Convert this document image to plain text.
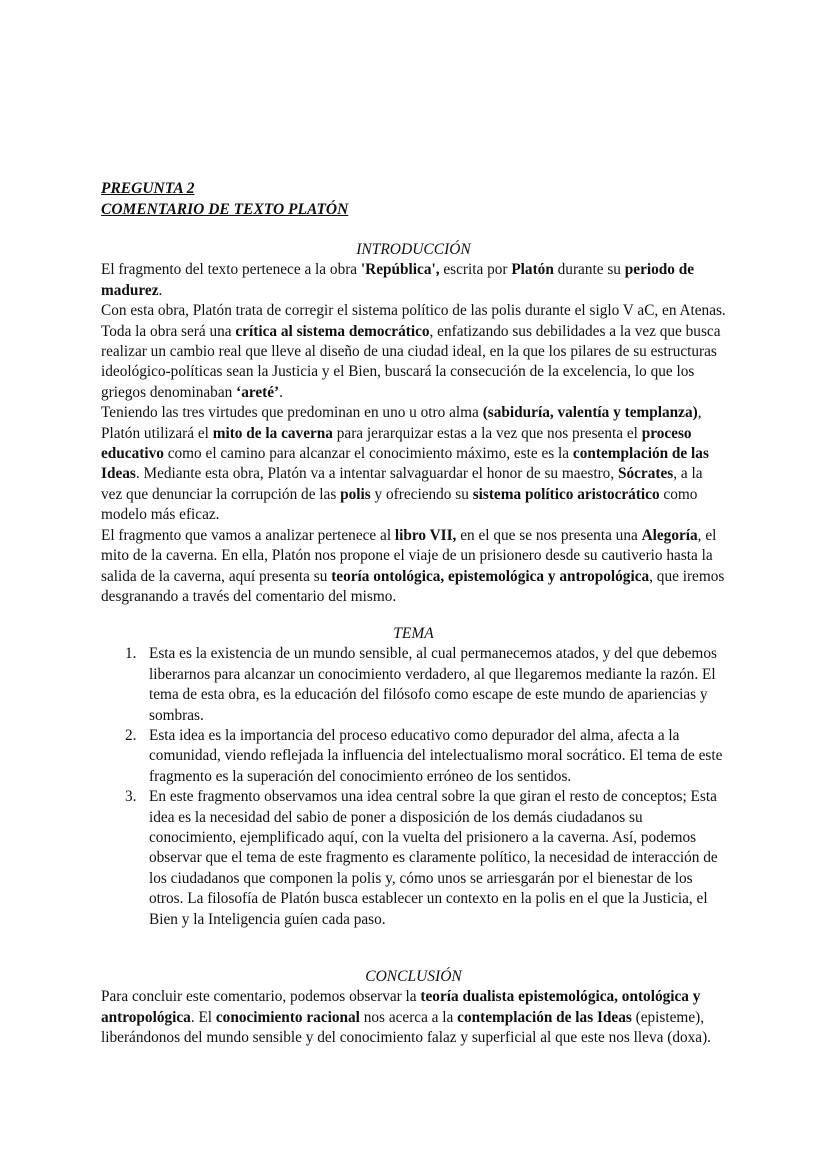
PREGUNTA 2
COMENTARIO DE TEXTO PLATÓN
INTRODUCCIÓN

El fragmento del texto pertenece a la obra 'República', escrita por Platón durante su periodo de madurez.

Con esta obra, Platón trata de corregir el sistema político de las polis durante el siglo V aC, en Atenas. Toda la obra será una crítica al sistema democrático, enfatizando sus debilidades a la vez que busca realizar un cambio real que lleve al diseño de una ciudad ideal, en la que los pilares de su estructuras ideológico-políticas sean la Justicia y el Bien, buscará la consecución de la excelencia, lo que los griegos denominaban ‘areté’.

Teniendo las tres virtudes que predominan en uno u otro alma (sabiduría, valentía y templanza), Platón utilizará el mito de la caverna para jerarquizar estas a la vez que nos presenta el proceso educativo como el camino para alcanzar el conocimiento máximo, este es la contemplación de las Ideas. Mediante esta obra, Platón va a intentar salvaguardar el honor de su maestro, Sócrates, a la vez que denunciar la corrupción de las polis y ofreciendo su sistema político aristocrático como modelo más eficaz.

El fragmento que vamos a analizar pertenece al libro VII, en el que se nos presenta una Alegoría, el mito de la caverna. En ella, Platón nos propone el viaje de un prisionero desde su cautiverio hasta la salida de la caverna, aquí presenta su teoría ontológica, epistemológica y antropológica, que iremos desgranando a través del comentario del mismo.

TEMA
1. Esta es la existencia de un mundo sensible, al cual permanecemos atados, y del que debemos liberarnos para alcanzar un conocimiento verdadero, al que llegaremos mediante la razón. El tema de esta obra, es la educación del filósofo como escape de este mundo de apariencias y sombras.
2. Esta idea es la importancia del proceso educativo como depurador del alma, afecta a la comunidad, viendo reflejada la influencia del intelectualismo moral socrático. El tema de este fragmento es la superación del conocimiento erróneo de los sentidos.
3. En este fragmento observamos una idea central sobre la que giran el resto de conceptos; Esta idea es la necesidad del sabio de poner a disposición de los demás ciudadanos su conocimiento, ejemplificado aquí, con la vuelta del prisionero a la caverna. Así, podemos observar que el tema de este fragmento es claramente político, la necesidad de interacción de los ciudadanos que componen la polis y, cómo unos se arriesgarán por el bienestar de los otros. La filosofía de Platón busca establecer un contexto en la polis en el que la Justicia, el Bien y la Inteligencia guíen cada paso.
CONCLUSIÓN

Para concluir este comentario, podemos observar la teoría dualista epistemológica, ontológica y antropológica. El conocimiento racional nos acerca a la contemplación de las Ideas (episteme), liberándonos del mundo sensible y del conocimiento falaz y superficial al que este nos lleva (doxa).
